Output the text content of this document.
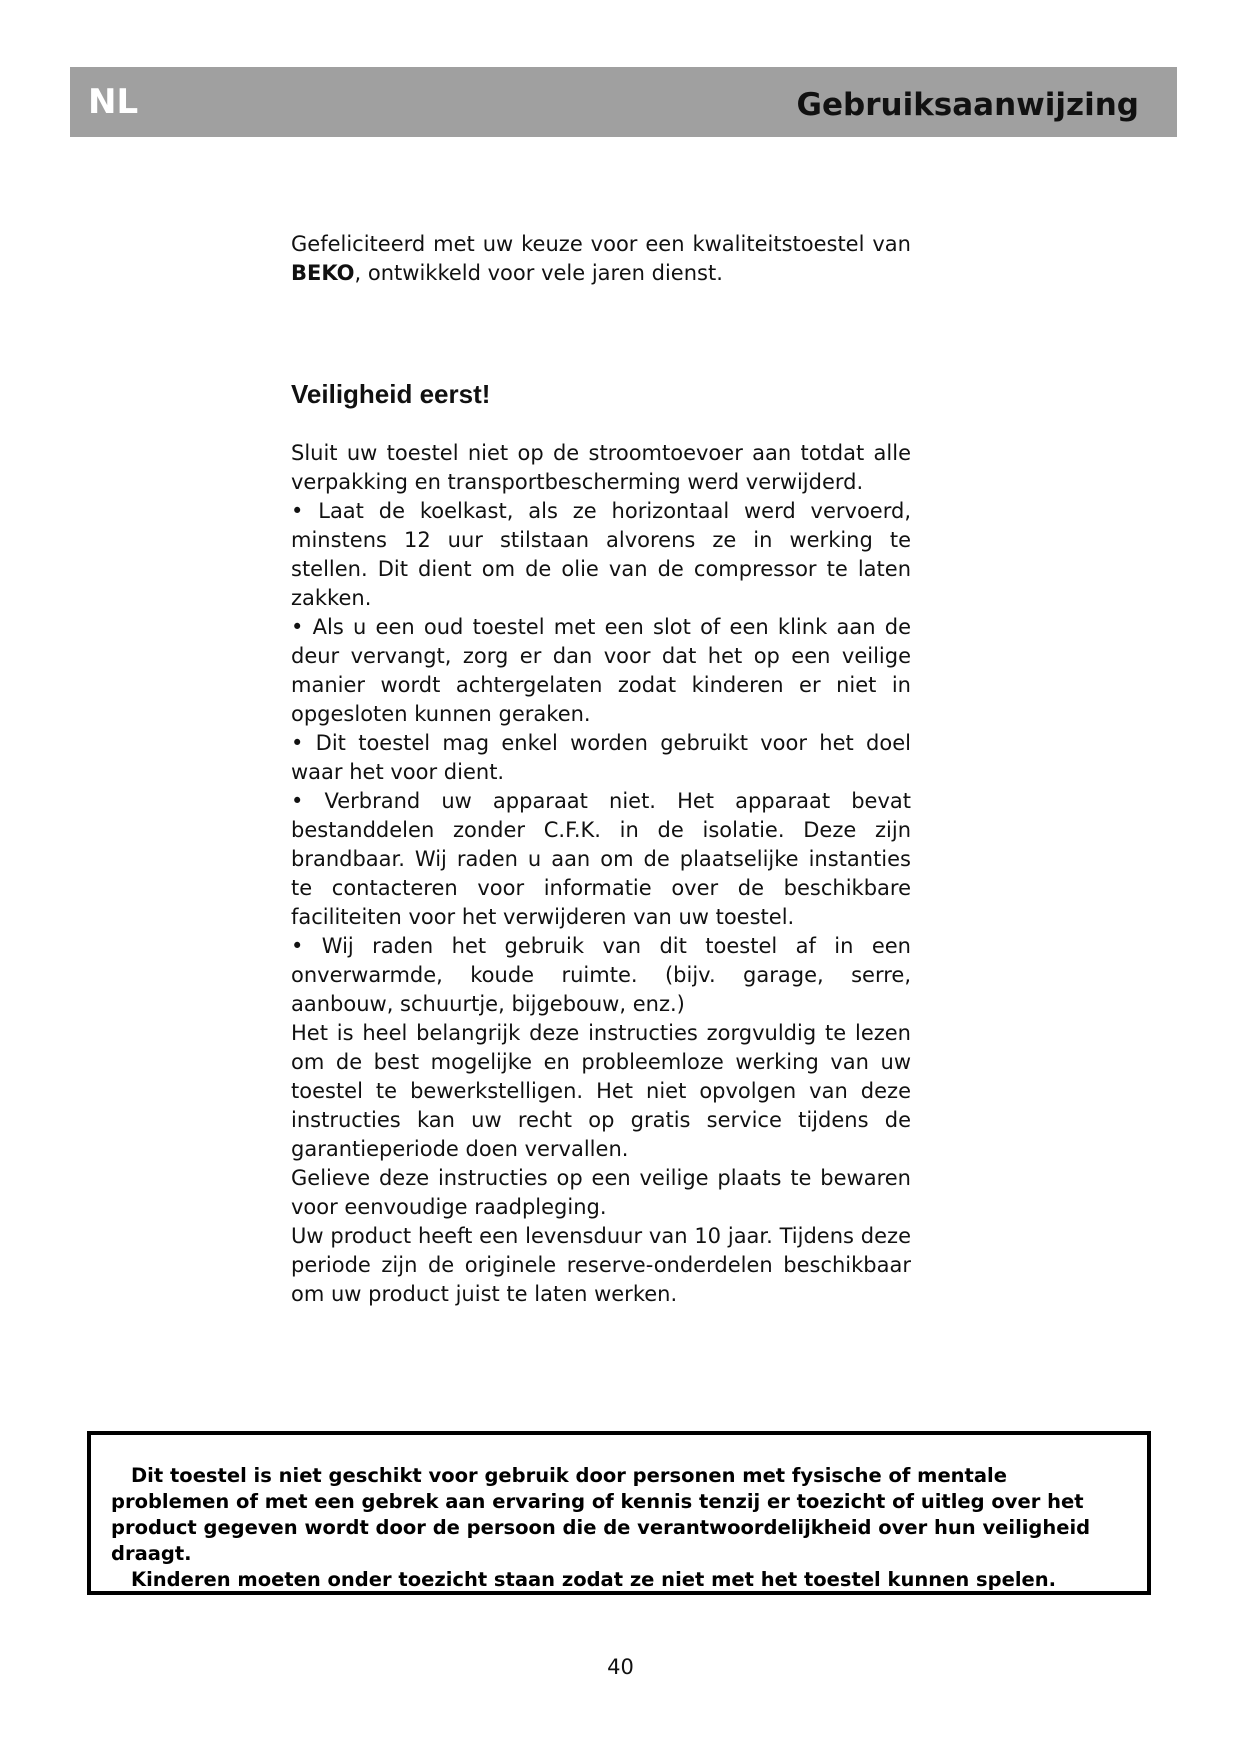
NL	Gebruiksaanwijzing
Gefeliciteerd met uw keuze voor een kwaliteitstoestel van BEKO, ontwikkeld voor vele jaren dienst.
Veiligheid eerst!

Sluit uw toestel niet op de stroomtoevoer aan totdat alle verpakking en transportbescherming werd verwijderd.

• Laat de koelkast, als ze horizontaal werd vervoerd, minstens 12 uur stilstaan alvorens ze in werking te stellen. Dit dient om de olie van de compressor te laten zakken.

• Als u een oud toestel met een slot of een klink aan de deur vervangt, zorg er dan voor dat het op een veilige manier wordt achtergelaten zodat kinderen er niet in opgesloten kunnen geraken.

• Dit toestel mag enkel worden gebruikt voor het doel waar het voor dient.

• Verbrand uw apparaat niet. Het apparaat bevat bestanddelen zonder C.F.K. in de isolatie. Deze zijn brandbaar. Wij raden u aan om de plaatselijke instanties te contacteren voor informatie over de beschikbare faciliteiten voor het verwijderen van uw toestel.

• Wij raden het gebruik van dit toestel af in een onverwarmde, koude ruimte. (bijv. garage, serre, aanbouw, schuurtje, bijgebouw, enz.)

Het is heel belangrijk deze instructies zorgvuldig te lezen om de best mogelijke en probleemloze werking van uw toestel te bewerkstelligen. Het niet opvolgen van deze instructies kan uw recht op gratis service tijdens de garantieperiode doen vervallen.

Gelieve deze instructies op een veilige plaats te bewaren voor eenvoudige raadpleging.

Uw product heeft een levensduur van 10 jaar. Tijdens deze periode zijn de originele reserve-onderdelen beschikbaar om uw product juist te laten werken.

Dit toestel is niet geschikt voor gebruik door personen met fysische of mentale problemen of met een gebrek aan ervaring of kennis tenzij er toezicht of uitleg over het product gegeven wordt door de persoon die de verantwoordelijkheid over hun veiligheid draagt.

Kinderen moeten onder toezicht staan zodat ze niet met het toestel kunnen spelen.

40
